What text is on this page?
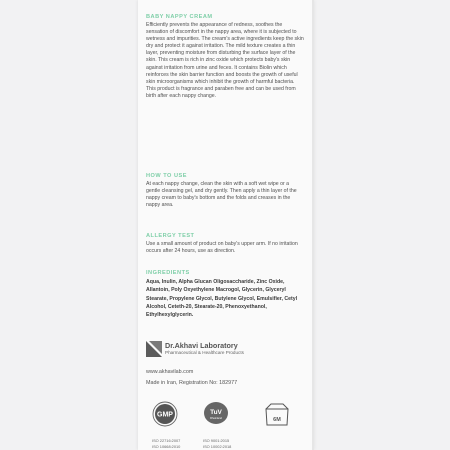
BABY NAPPY CREAM

Efficiently prevents the appearance of redness, soothes the sensation of discomfort in the nappy area, where it is subjected to wetness and impurities. The cream's active ingredients keep the skin dry and protect it against irritation. The mild texture creates a thin layer, preventing moisture from disturbing the surface layer of the skin. This cream is rich in zinc oxide which protects baby's skin against irritation from urine and feces. It contains Biolin which reinforces the skin barrier function and boosts the growth of useful skin microorganisms which inhibit the growth of harmful bacteria. This product is fragrance and paraben free and can be used from birth after each nappy change.

HOW TO USE

At each nappy change, clean the skin with a soft wet wipe or a gentle cleansing gel, and dry gently. Then apply a thin layer of the nappy cream to baby's bottom and the folds and creases in the nappy area.

ALLERGY TEST

Use a small amount of product on baby's upper arm. If no irritation occurs after 24 hours, use as direction.

INGREDIENTS

Aqua, Inulin, Alpha Glucan Oligosaccharide, Zinc Oxide, Allantoin, Poly Oxyethylene Macrogol, Glycerin, Glyceryl Stearate, Propylene Glycol, Butylene Glycol, Emulsifier, Cetyl Alcohol, Ceteth-20, Stearate-20, Phenoxyethanol, Ethylhexylglycerin.

Dr.Akhavi Laboratory
Pharmaceutical & Healthcare Products
www.akhavilab.com
Made in Iran, Registration No: 182977
GMP	TuV
Rheinland	6M
ISO 22716:2007
ISO 10668:2010
ISO 9001:2015
ISO 10002:2018
